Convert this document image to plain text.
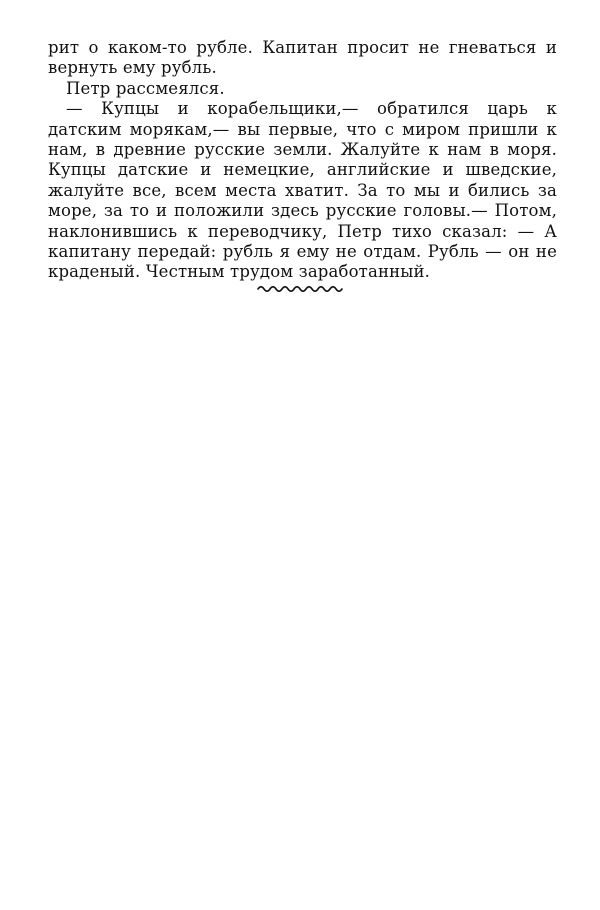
рит о каком-то рубле. Капитан просит не гневаться и вернуть ему рубль.

Петр рассмеялся.

— Купцы и корабельщики,— обратился царь к датским морякам,— вы первые, что с миром пришли к нам, в древние русские земли. Жалуйте к нам в моря. Купцы датские и немецкие, английские и шведские, жалуйте все, всем места хватит. За то мы и бились за море, за то и положили здесь русские головы.— Потом, наклонившись к переводчику, Петр тихо сказал: — А капитану передай: рубль я ему не отдам. Рубль — он не краденый. Честным трудом заработанный.
